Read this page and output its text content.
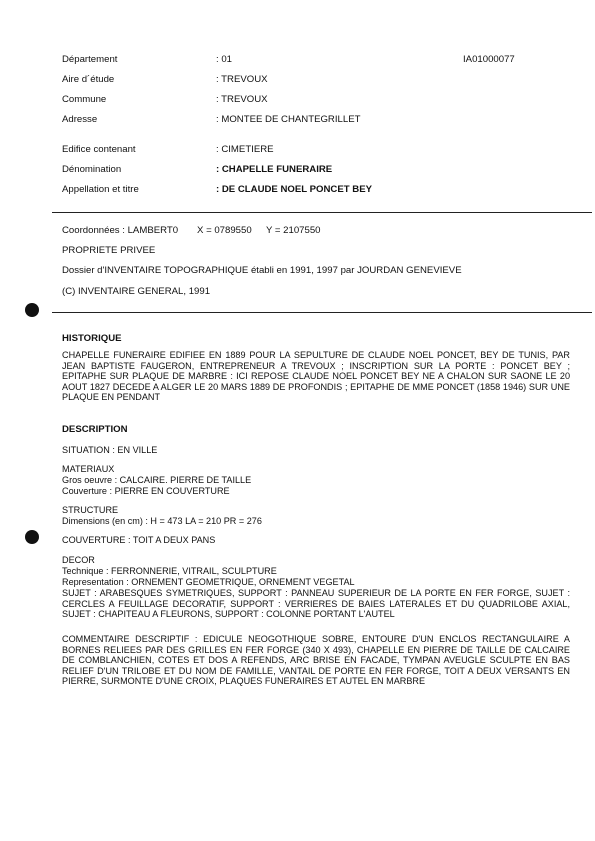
IA01000077
Département	: 01
Aire d´étude	: TREVOUX
Commune	: TREVOUX
Adresse	: MONTEE DE CHANTEGRILLET
Edifice contenant	: CIMETIERE
Dénomination	: CHAPELLE FUNERAIRE
Appellation et titre	: DE CLAUDE NOEL PONCET BEY
Coordonnées : LAMBERT0 X = 0789550 Y = 2107550
PROPRIETE PRIVEE
Dossier d'INVENTAIRE TOPOGRAPHIQUE établi en 1991, 1997 par JOURDAN GENEVIEVE
(C) INVENTAIRE GENERAL, 1991
HISTORIQUE
CHAPELLE FUNERAIRE EDIFIEE EN 1889 POUR LA SEPULTURE DE CLAUDE NOEL PONCET, BEY DE TUNIS, PAR JEAN BAPTISTE FAUGERON, ENTREPRENEUR A TREVOUX ; INSCRIPTION SUR LA PORTE : PONCET BEY ; EPITAPHE SUR PLAQUE DE MARBRE : ICI REPOSE CLAUDE NOEL PONCET BEY NE A CHALON SUR SAONE LE 20 AOUT 1827 DECEDE A ALGER LE 20 MARS 1889 DE PROFONDIS ; EPITAPHE DE MME PONCET (1858 1946) SUR UNE PLAQUE EN PENDANT
DESCRIPTION
SITUATION : EN VILLE
MATERIAUX
Gros oeuvre : CALCAIRE. PIERRE DE TAILLE
Couverture : PIERRE EN COUVERTURE
STRUCTURE
Dimensions (en cm) : H = 473 LA = 210 PR = 276
COUVERTURE : TOIT A DEUX PANS
DECOR
Technique : FERRONNERIE, VITRAIL, SCULPTURE
Representation : ORNEMENT GEOMETRIQUE, ORNEMENT VEGETAL
SUJET : ARABESQUES SYMETRIQUES, SUPPORT : PANNEAU SUPERIEUR DE LA PORTE EN FER FORGE, SUJET : CERCLES A FEUILLAGE DECORATIF, SUPPORT : VERRIERES DE BAIES LATERALES ET DU QUADRILOBE AXIAL, SUJET : CHAPITEAU A FLEURONS, SUPPORT : COLONNE PORTANT L'AUTEL
COMMENTAIRE DESCRIPTIF : EDICULE NEOGOTHIQUE SOBRE, ENTOURE D'UN ENCLOS RECTANGULAIRE A BORNES RELIEES PAR DES GRILLES EN FER FORGE (340 X 493), CHAPELLE EN PIERRE DE TAILLE DE CALCAIRE DE COMBLANCHIEN, COTES ET DOS A REFENDS, ARC BRISE EN FACADE, TYMPAN AVEUGLE SCULPTE EN BAS RELIEF D'UN TRILOBE ET DU NOM DE FAMILLE, VANTAIL DE PORTE EN FER FORGE, TOIT A DEUX VERSANTS EN PIERRE, SURMONTE D'UNE CROIX, PLAQUES FUNERAIRES ET AUTEL EN MARBRE
